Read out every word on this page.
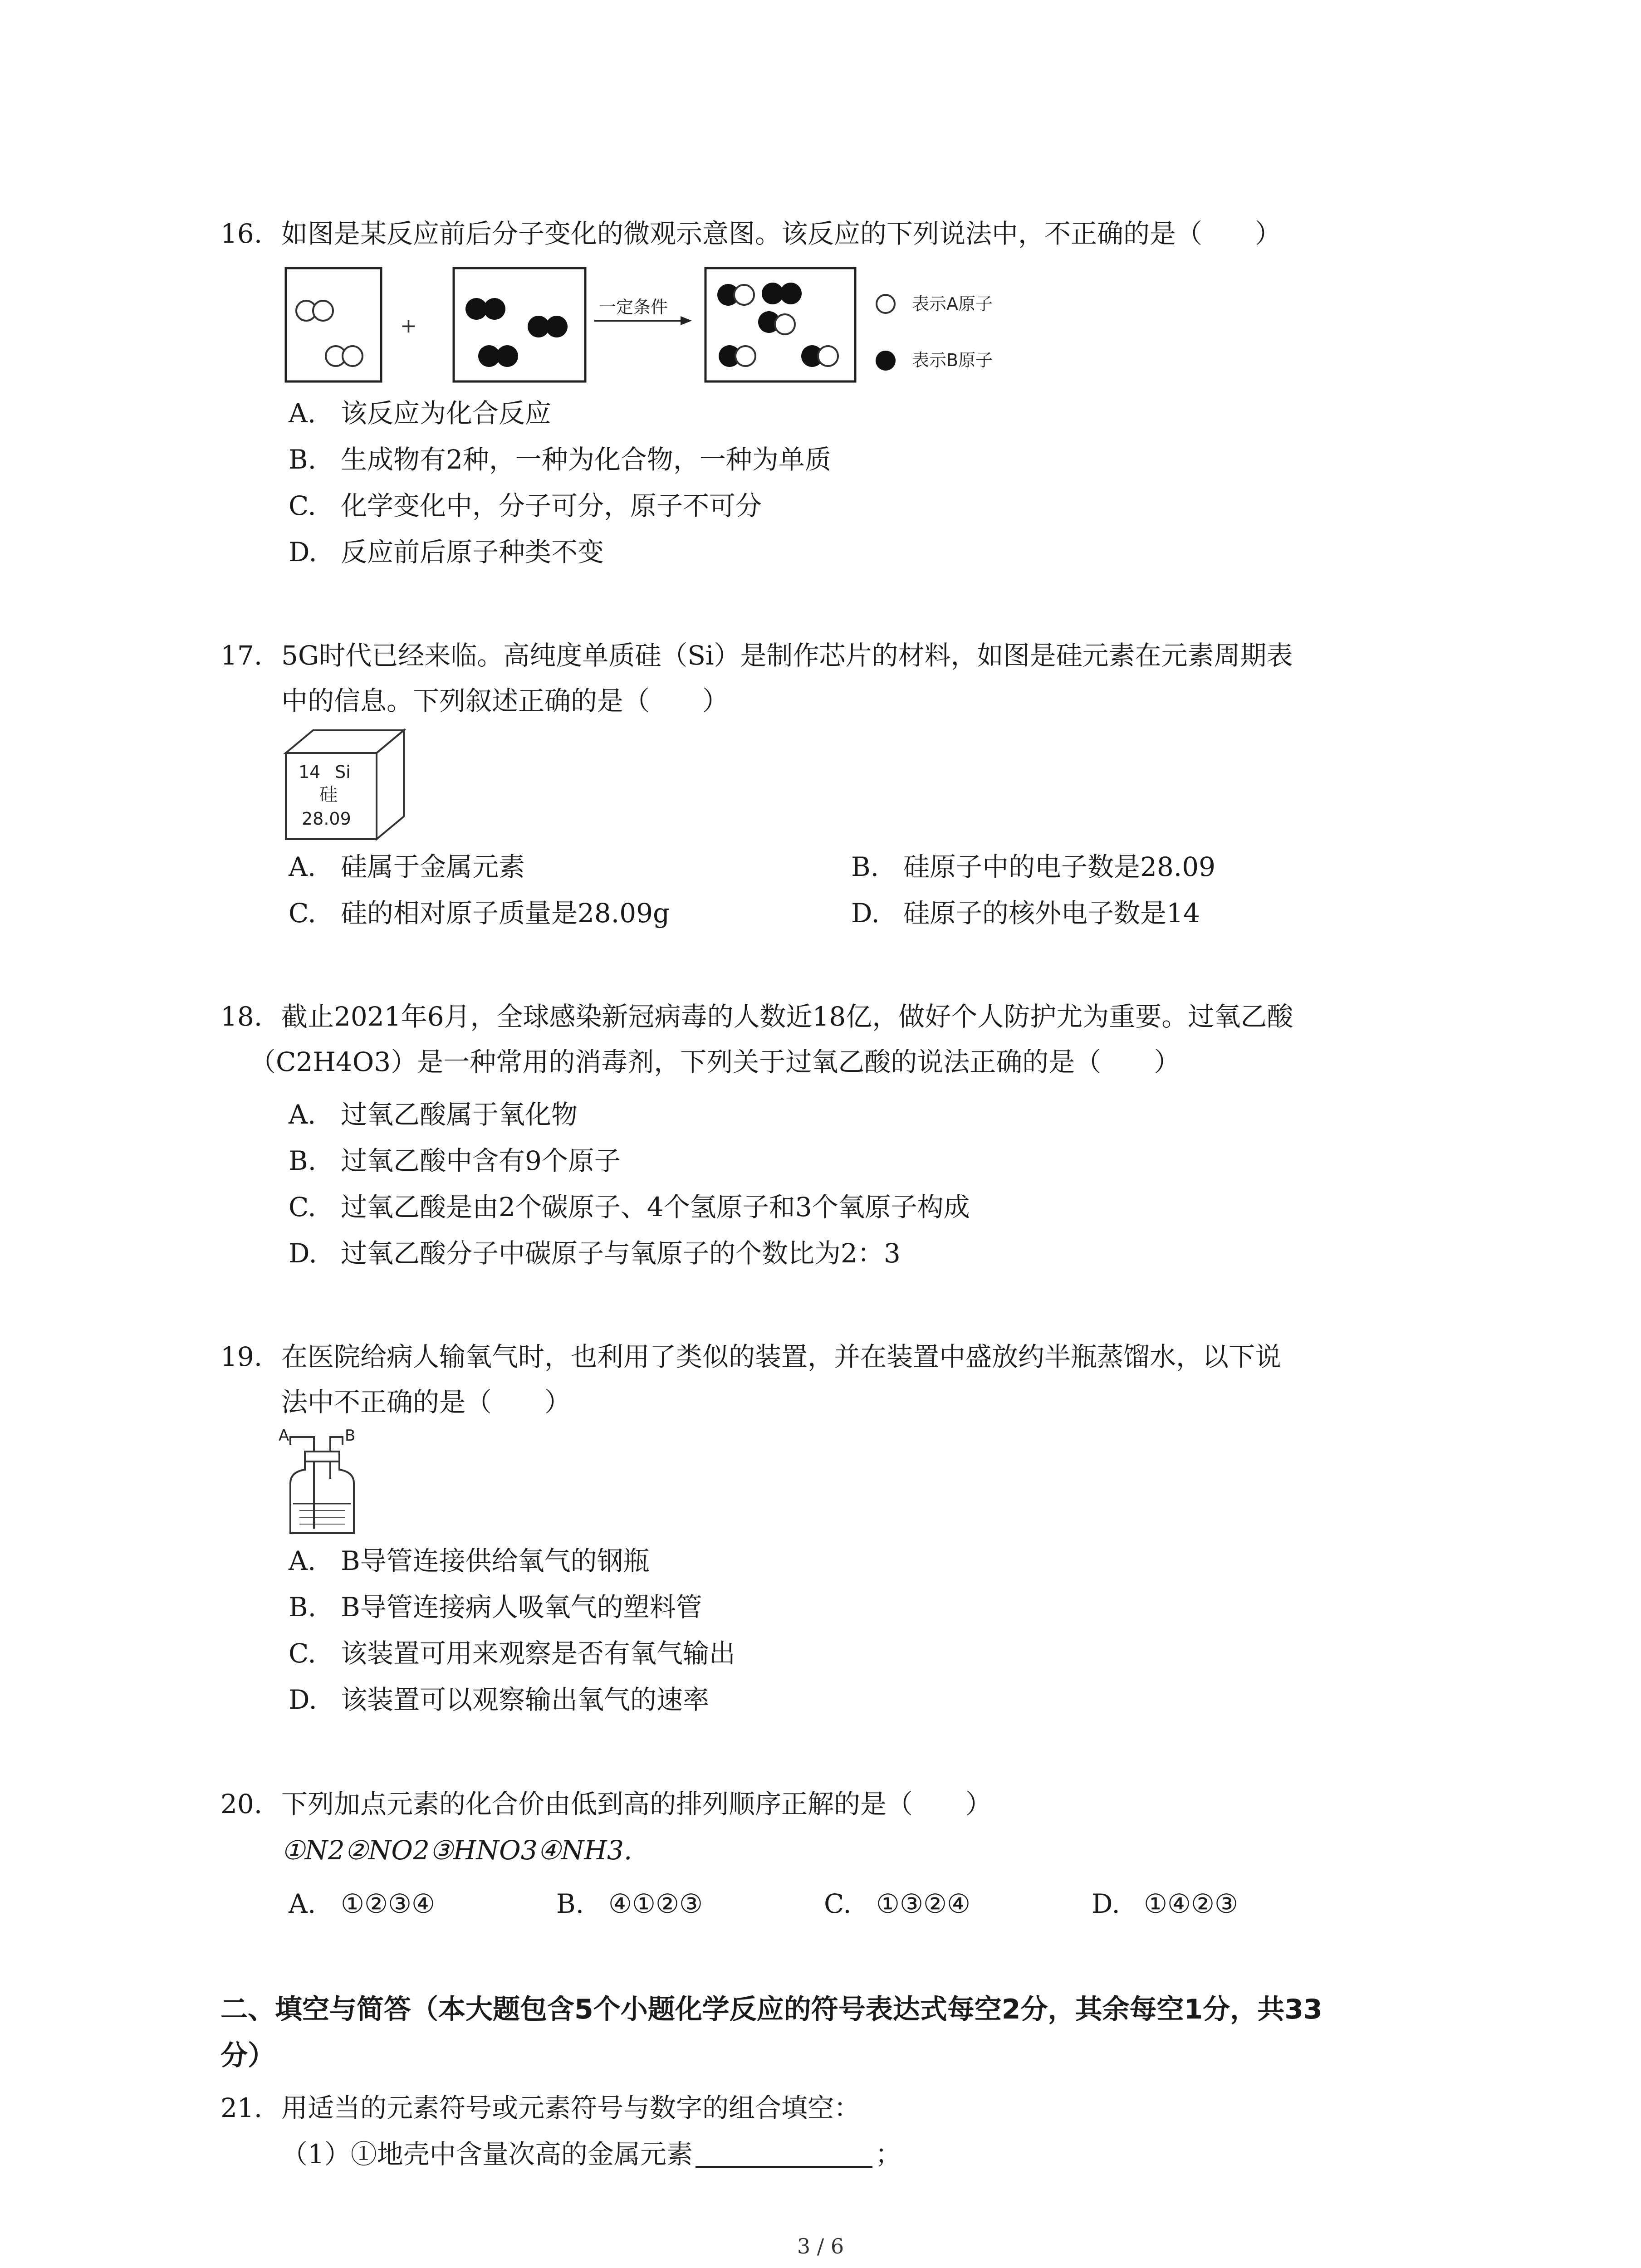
16. 如图是某反应前后分子变化的微观示意图。该反应的下列说法中，不正确的是（　　）
+
一定条件	表示A原子
表示B原子
A. 该反应为化合反应
B. 生成物有2种，一种为化合物，一种为单质
C. 化学变化中，分子可分，原子不可分
D. 反应前后原子种类不变
17. 5G时代已经来临。高纯度单质硅（Si）是制作芯片的材料，如图是硅元素在元素周期表
中的信息。下列叙述正确的是（　　）
14 Si
硅
28.09
A. 硅属于金属元素	B. 硅原子中的电子数是28.09
C. 硅的相对原子质量是28.09g	D. 硅原子的核外电子数是14
18. 截止2021年6月，全球感染新冠病毒的人数近18亿，做好个人防护尤为重要。过氧乙酸
（C2H4O3）是一种常用的消毒剂，下列关于过氧乙酸的说法正确的是（　　）
A. 过氧乙酸属于氧化物
B. 过氧乙酸中含有9个原子
C. 过氧乙酸是由2个碳原子、4个氢原子和3个氧原子构成
D. 过氧乙酸分子中碳原子与氧原子的个数比为2：3
19. 在医院给病人输氧气时，也利用了类似的装置，并在装置中盛放约半瓶蒸馏水，以下说
法中不正确的是（　　）
A	B
A. B导管连接供给氧气的钢瓶
B. B导管连接病人吸氧气的塑料管
C. 该装置可用来观察是否有氧气输出
D. 该装置可以观察输出氧气的速率
20. 下列加点元素的化合价由低到高的排列顺序正解的是（　　）
①N2②NO2③HNO3④NH3.
A. ①②③④	B. ④①②③	C. ①③②④	D. ①④②③
二、填空与简答（本大题包含5个小题化学反应的符号表达式每空2分，其余每空1分，共33
分）
21. 用适当的元素符号或元素符号与数字的组合填空：
（1）①地壳中含量次高的金属元素	；
3 / 6
